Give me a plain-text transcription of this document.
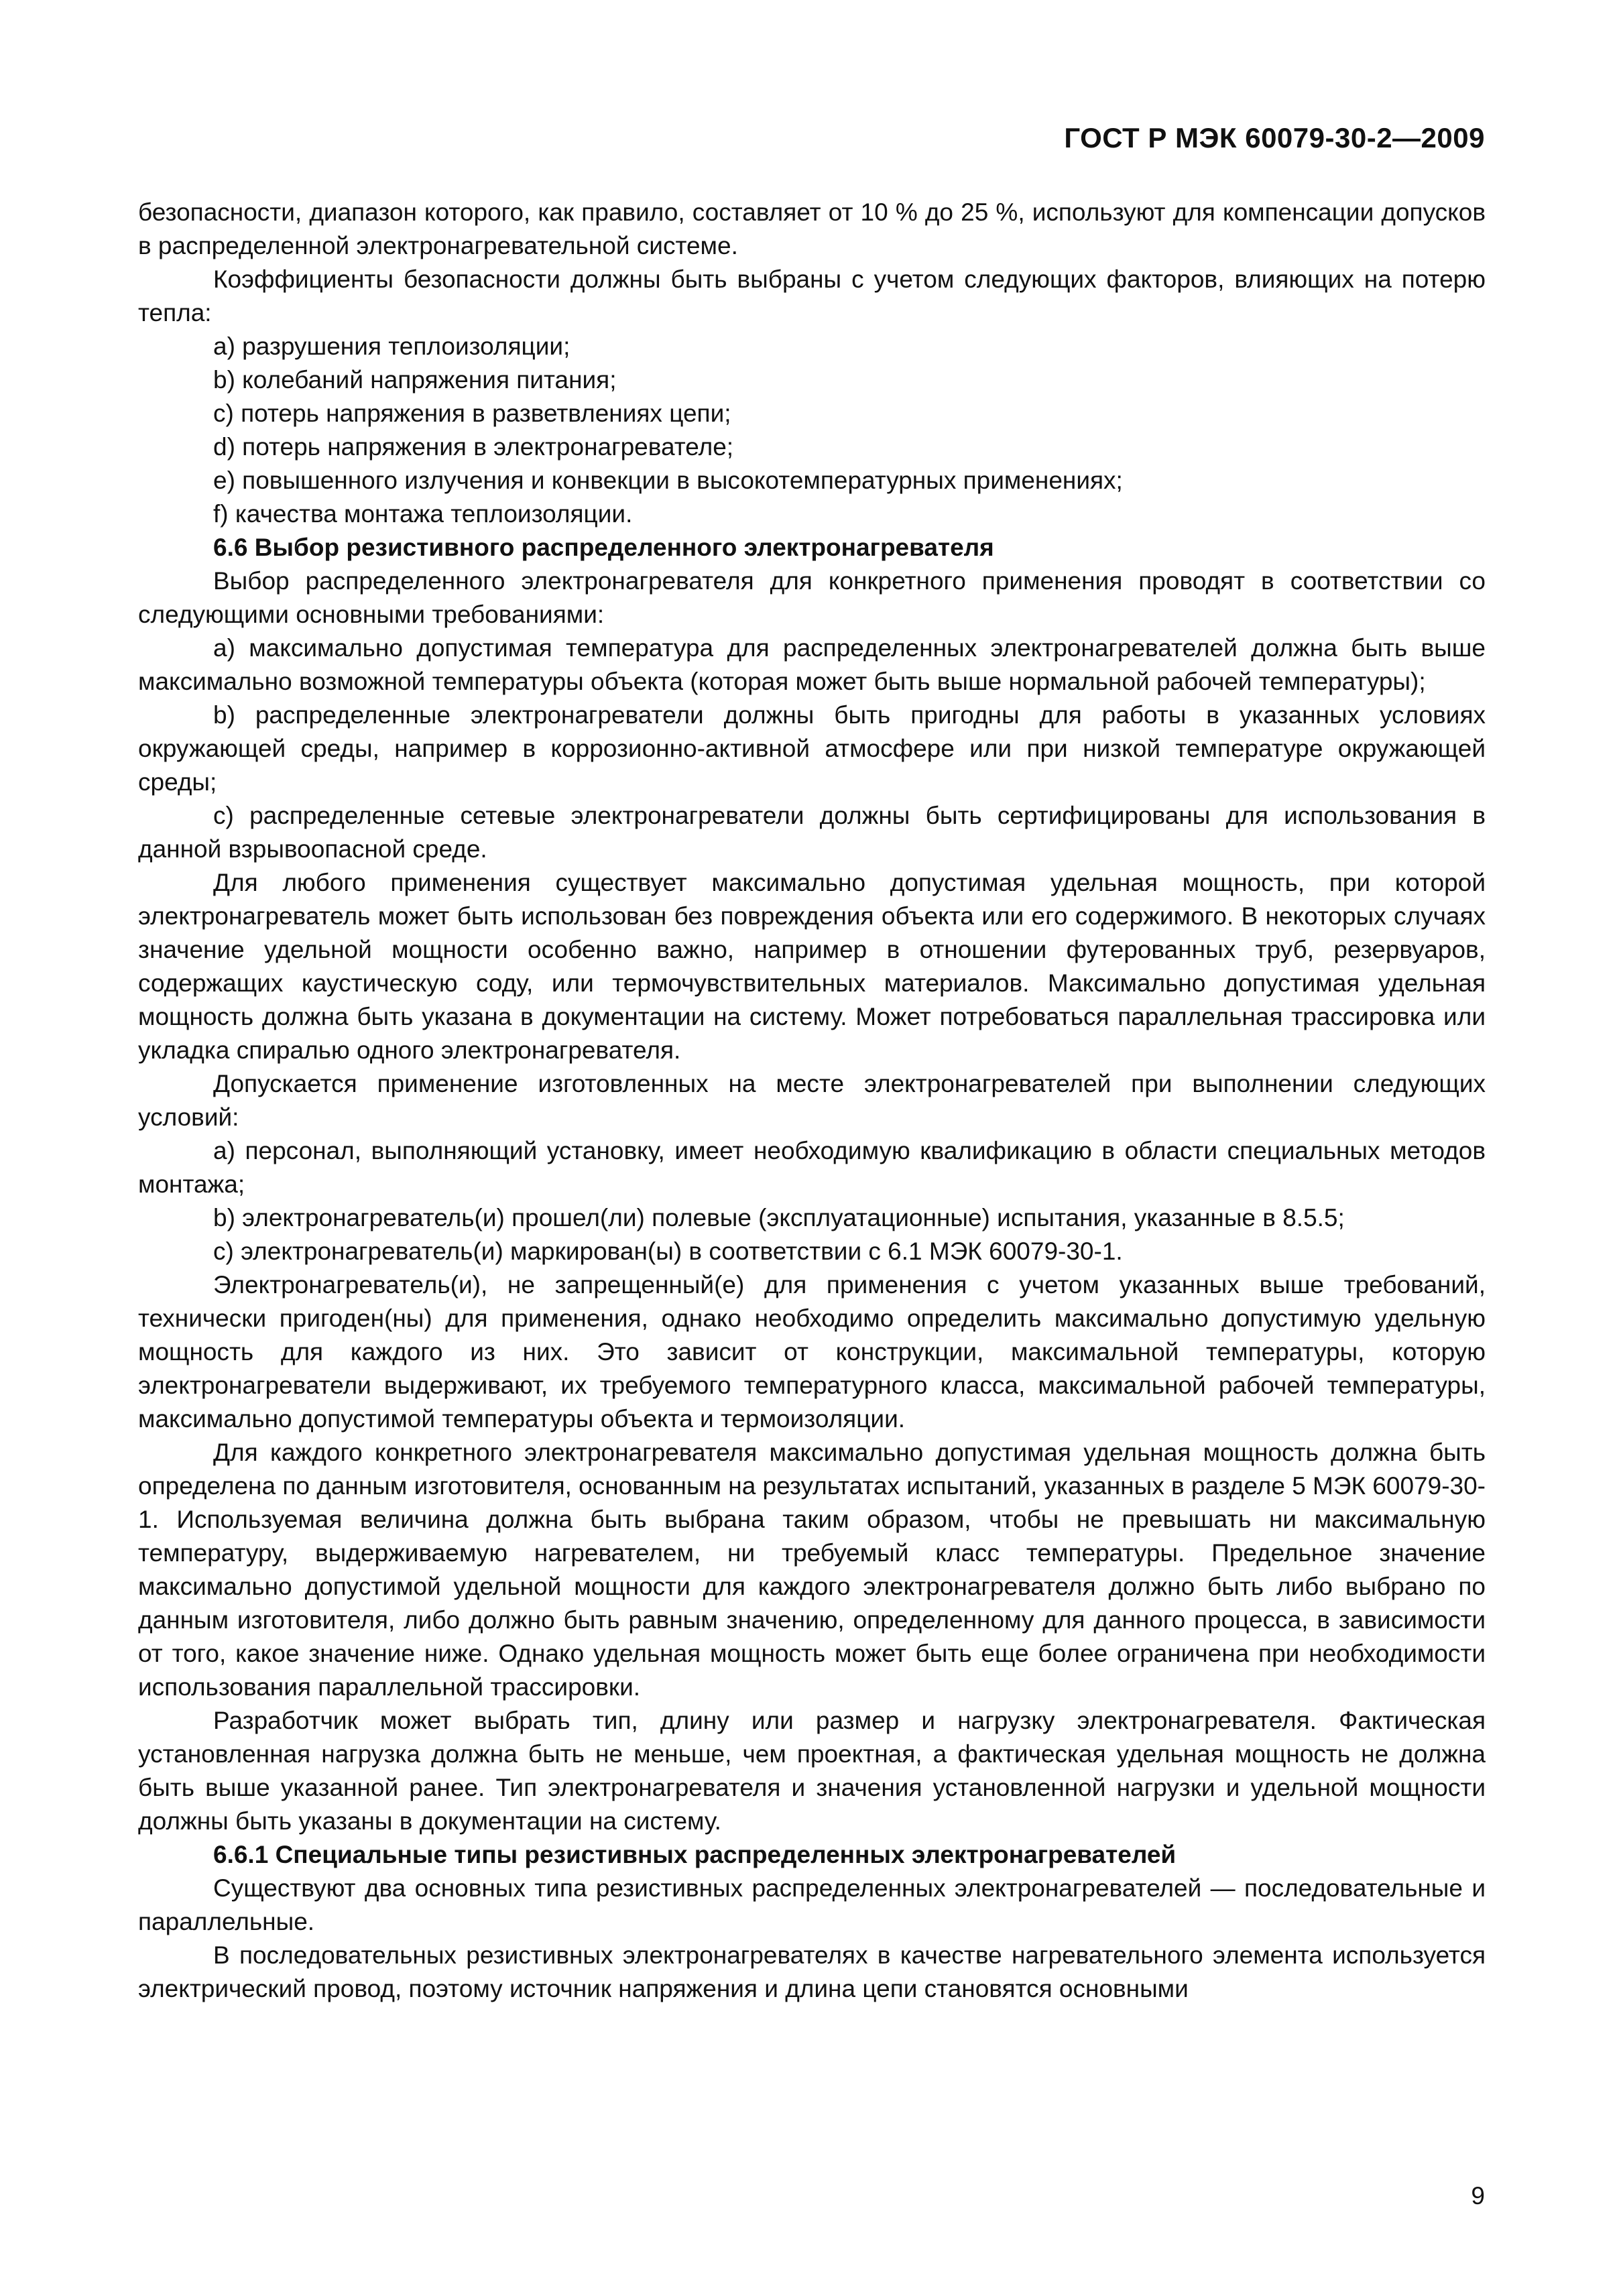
ГОСТ Р МЭК 60079-30-2—2009

безопасности, диапазон которого, как правило, составляет от 10 % до 25 %, используют для компенсации допусков в распределенной электронагревательной системе.

Коэффициенты безопасности должны быть выбраны с учетом следующих факторов, влияющих на потерю тепла:

a) разрушения теплоизоляции;

b) колебаний напряжения питания;

c) потерь напряжения в разветвлениях цепи;

d) потерь напряжения в электронагревателе;

e) повышенного излучения и конвекции в высокотемпературных применениях;

f) качества монтажа теплоизоляции.

6.6 Выбор резистивного распределенного электронагревателя

Выбор распределенного электронагревателя для конкретного применения проводят в соответствии со следующими основными требованиями:

a) максимально допустимая температура для распределенных электронагревателей должна быть выше максимально возможной температуры объекта (которая может быть выше нормальной рабочей температуры);

b) распределенные электронагреватели должны быть пригодны для работы в указанных условиях окружающей среды, например в коррозионно-активной атмосфере или при низкой температуре окружающей среды;

c) распределенные сетевые электронагреватели должны быть сертифицированы для использования в данной взрывоопасной среде.

Для любого применения существует максимально допустимая удельная мощность, при которой электронагреватель может быть использован без повреждения объекта или его содержимого. В некоторых случаях значение удельной мощности особенно важно, например в отношении футерованных труб, резервуаров, содержащих каустическую соду, или термочувствительных материалов. Максимально допустимая удельная мощность должна быть указана в документации на систему. Может потребоваться параллельная трассировка или укладка спиралью одного электронагревателя.

Допускается применение изготовленных на месте электронагревателей при выполнении следующих условий:

a) персонал, выполняющий установку, имеет необходимую квалификацию в области специальных методов монтажа;

b) электронагреватель(и) прошел(ли) полевые (эксплуатационные) испытания, указанные в 8.5.5;

c) электронагреватель(и) маркирован(ы) в соответствии с 6.1 МЭК 60079-30-1.

Электронагреватель(и), не запрещенный(е) для применения с учетом указанных выше требований, технически пригоден(ны) для применения, однако необходимо определить максимально допустимую удельную мощность для каждого из них. Это зависит от конструкции, максимальной температуры, которую электронагреватели выдерживают, их требуемого температурного класса, максимальной рабочей температуры, максимально допустимой температуры объекта и термоизоляции.

Для каждого конкретного электронагревателя максимально допустимая удельная мощность должна быть определена по данным изготовителя, основанным на результатах испытаний, указанных в разделе 5 МЭК 60079-30-1. Используемая величина должна быть выбрана таким образом, чтобы не превышать ни максимальную температуру, выдерживаемую нагревателем, ни требуемый класс температуры. Предельное значение максимально допустимой удельной мощности для каждого электронагревателя должно быть либо выбрано по данным изготовителя, либо должно быть равным значению, определенному для данного процесса, в зависимости от того, какое значение ниже. Однако удельная мощность может быть еще более ограничена при необходимости использования параллельной трассировки.

Разработчик может выбрать тип, длину или размер и нагрузку электронагревателя. Фактическая установленная нагрузка должна быть не меньше, чем проектная, а фактическая удельная мощность не должна быть выше указанной ранее. Тип электронагревателя и значения установленной нагрузки и удельной мощности должны быть указаны в документации на систему.

6.6.1 Специальные типы резистивных распределенных электронагревателей

Существуют два основных типа резистивных распределенных электронагревателей — последовательные и параллельные.

В последовательных резистивных электронагревателях в качестве нагревательного элемента используется электрический провод, поэтому источник напряжения и длина цепи становятся основными

9
